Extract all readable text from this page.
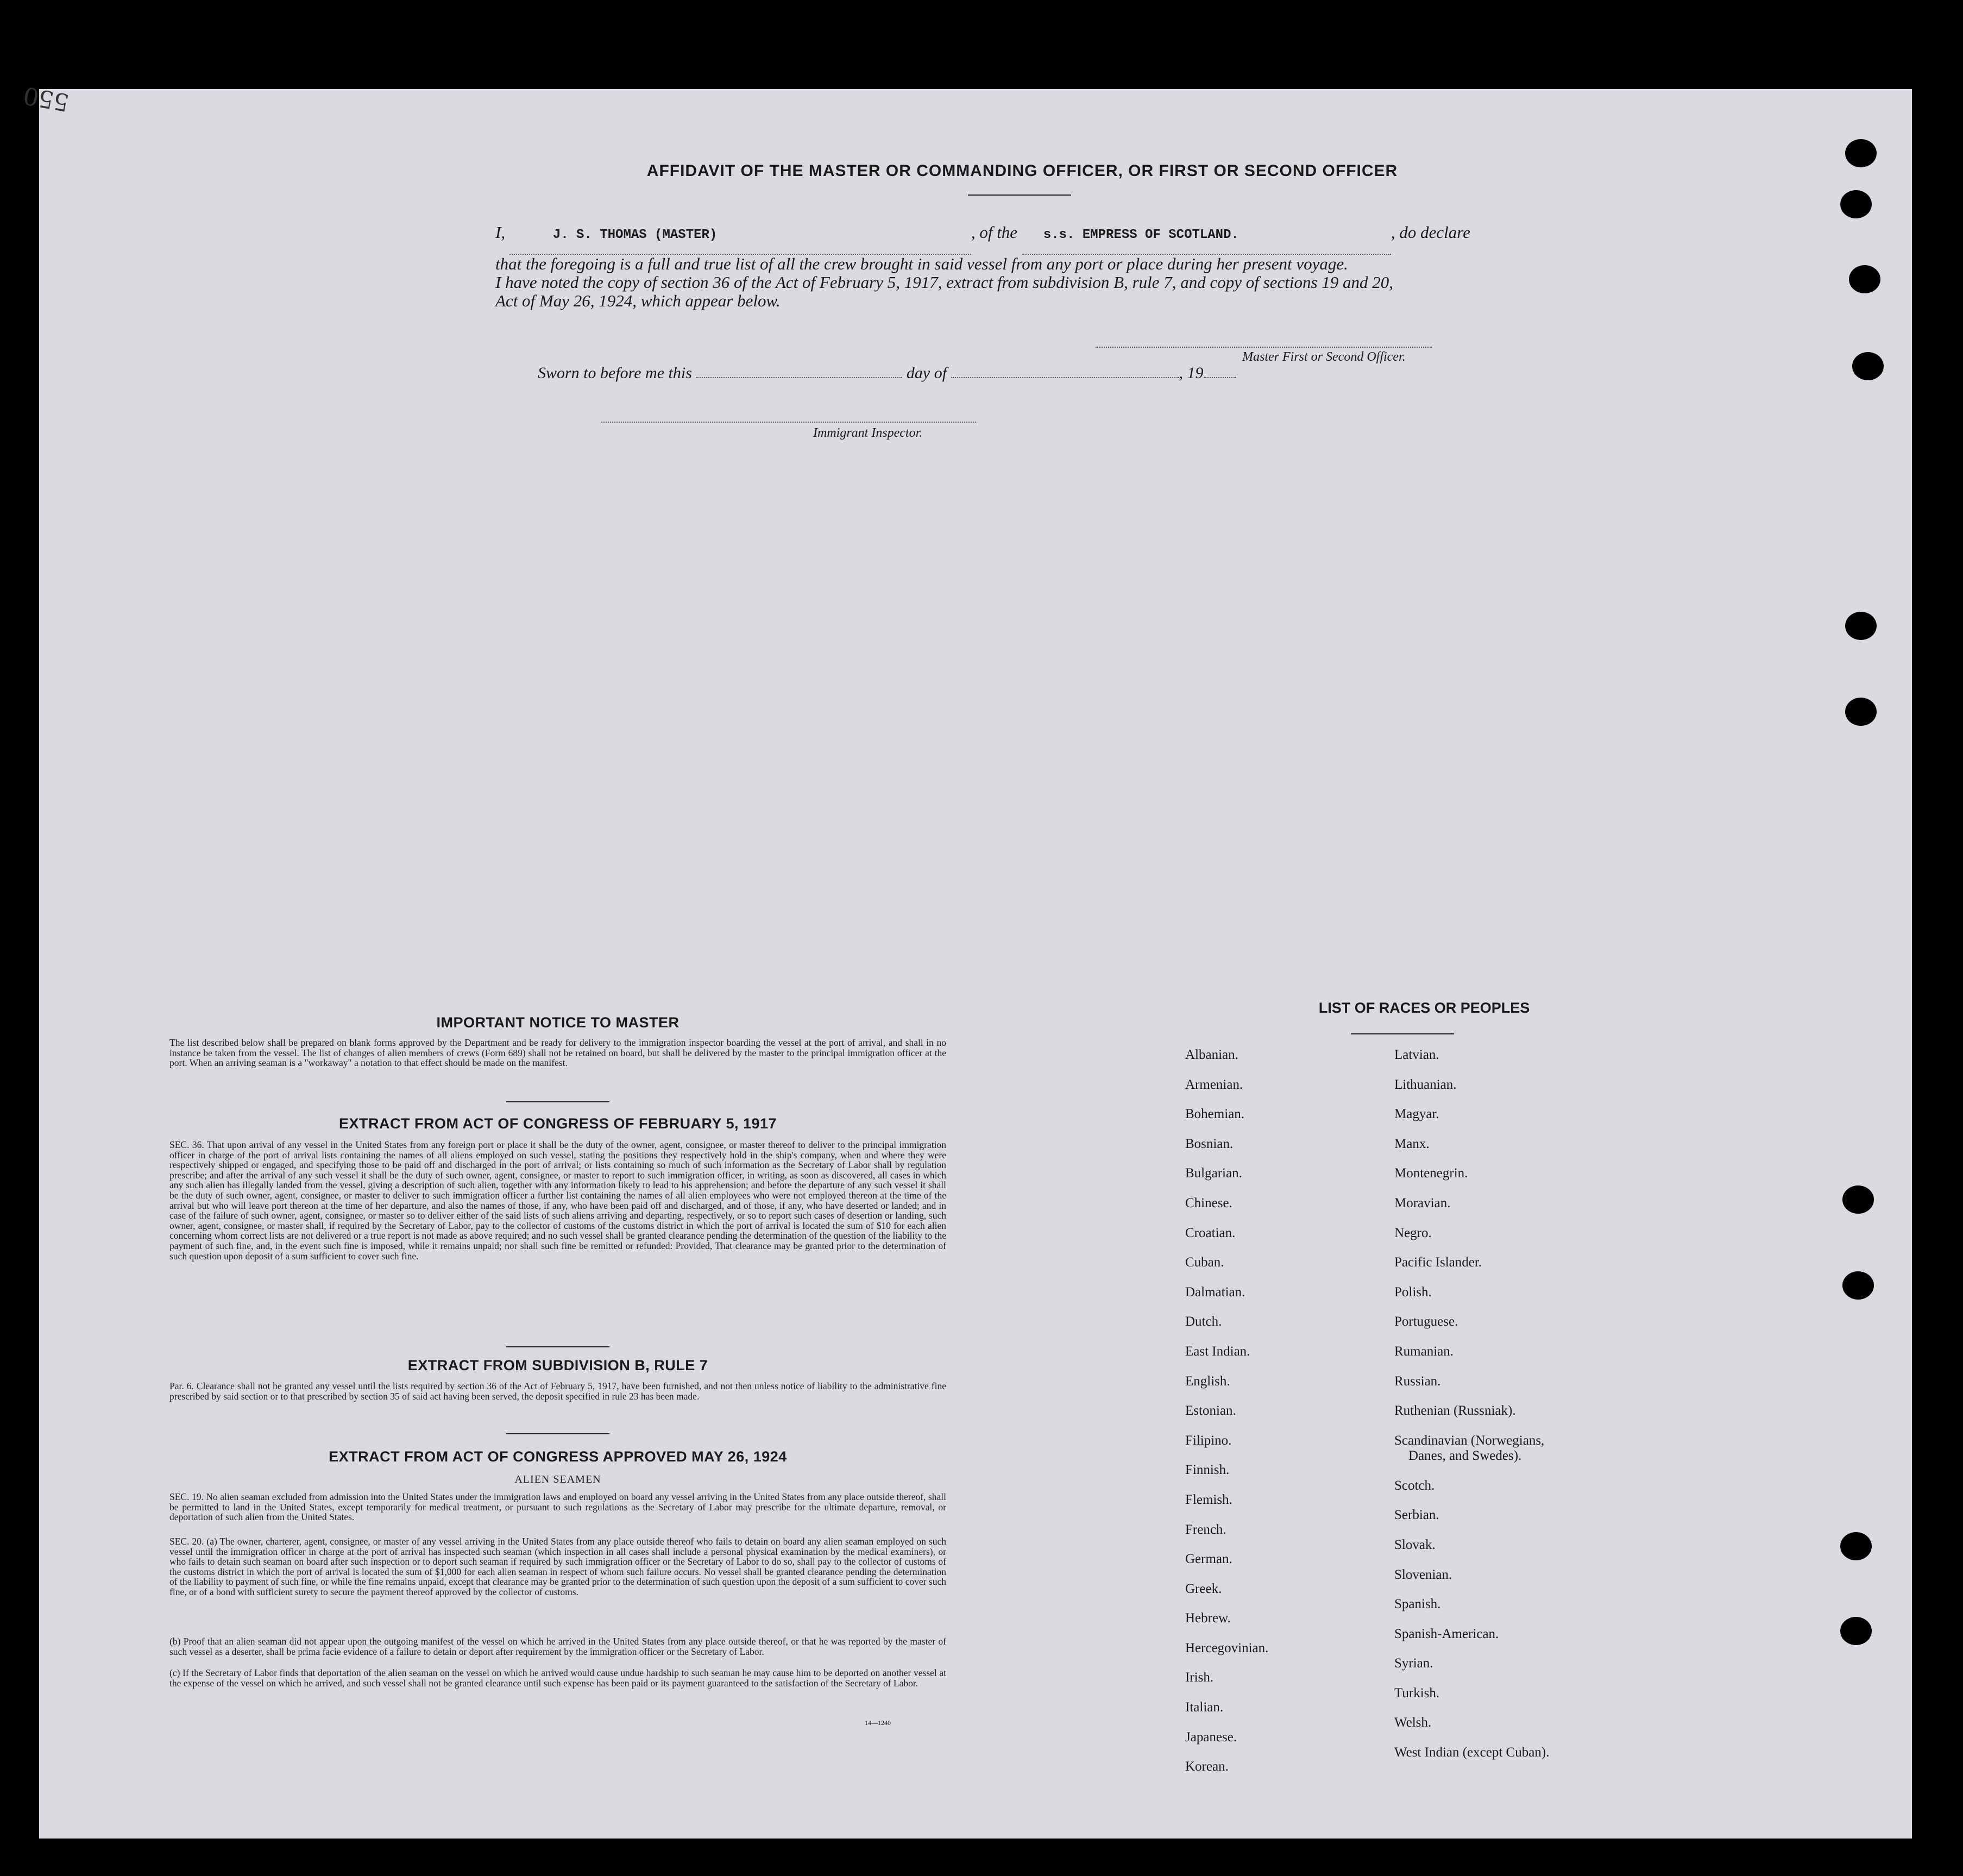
550
AFFIDAVIT OF THE MASTER OR COMMANDING OFFICER, OR FIRST OR SECOND OFFICER
I,	J. S. THOMAS (MASTER)	, of the s.s. EMPRESS OF SCOTLAND.	, do declare
that the foregoing is a full and true list of all the crew brought in said vessel from any port or place during her present voyage.
I have noted the copy of section 36 of the Act of February 5, 1917, extract from subdivision B, rule 7, and copy of sections 19 and 20,
Act of May 26, 1924, which appear below.
Master First or Second Officer.
Sworn to before me this	day of	, 19
Immigrant Inspector.
IMPORTANT NOTICE TO MASTER
The list described below shall be prepared on blank forms approved by the Department and be ready for delivery to the immigration inspector boarding the vessel at the port of arrival, and shall in no instance be taken from the vessel. The list of changes of alien members of crews (Form 689) shall not be retained on board, but shall be delivered by the master to the principal immigration officer at the port. When an arriving seaman is a "workaway" a notation to that effect should be made on the manifest.
EXTRACT FROM ACT OF CONGRESS OF FEBRUARY 5, 1917
SEC. 36. That upon arrival of any vessel in the United States from any foreign port or place it shall be the duty of the owner, agent, consignee, or master thereof to deliver to the principal immigration officer in charge of the port of arrival lists containing the names of all aliens employed on such vessel, stating the positions they respectively hold in the ship's company, when and where they were respectively shipped or engaged, and specifying those to be paid off and discharged in the port of arrival; or lists containing so much of such information as the Secretary of Labor shall by regulation prescribe; and after the arrival of any such vessel it shall be the duty of such owner, agent, consignee, or master to report to such immigration officer, in writing, as soon as discovered, all cases in which any such alien has illegally landed from the vessel, giving a description of such alien, together with any information likely to lead to his apprehension; and before the departure of any such vessel it shall be the duty of such owner, agent, consignee, or master to deliver to such immigration officer a further list containing the names of all alien employees who were not employed thereon at the time of the arrival but who will leave port thereon at the time of her departure, and also the names of those, if any, who have been paid off and discharged, and of those, if any, who have deserted or landed; and in case of the failure of such owner, agent, consignee, or master so to deliver either of the said lists of such aliens arriving and departing, respectively, or so to report such cases of desertion or landing, such owner, agent, consignee, or master shall, if required by the Secretary of Labor, pay to the collector of customs of the customs district in which the port of arrival is located the sum of $10 for each alien concerning whom correct lists are not delivered or a true report is not made as above required; and no such vessel shall be granted clearance pending the determination of the question of the liability to the payment of such fine, and, in the event such fine is imposed, while it remains unpaid; nor shall such fine be remitted or refunded: Provided, That clearance may be granted prior to the determination of such question upon deposit of a sum sufficient to cover such fine.
EXTRACT FROM SUBDIVISION B, RULE 7
Par. 6. Clearance shall not be granted any vessel until the lists required by section 36 of the Act of February 5, 1917, have been furnished, and not then unless notice of liability to the administrative fine prescribed by said section or to that prescribed by section 35 of said act having been served, the deposit specified in rule 23 has been made.
EXTRACT FROM ACT OF CONGRESS APPROVED MAY 26, 1924
ALIEN SEAMEN
SEC. 19. No alien seaman excluded from admission into the United States under the immigration laws and employed on board any vessel arriving in the United States from any place outside thereof, shall be permitted to land in the United States, except temporarily for medical treatment, or pursuant to such regulations as the Secretary of Labor may prescribe for the ultimate departure, removal, or deportation of such alien from the United States.
SEC. 20. (a) The owner, charterer, agent, consignee, or master of any vessel arriving in the United States from any place outside thereof who fails to detain on board any alien seaman employed on such vessel until the immigration officer in charge at the port of arrival has inspected such seaman (which inspection in all cases shall include a personal physical examination by the medical examiners), or who fails to detain such seaman on board after such inspection or to deport such seaman if required by such immigration officer or the Secretary of Labor to do so, shall pay to the collector of customs of the customs district in which the port of arrival is located the sum of $1,000 for each alien seaman in respect of whom such failure occurs. No vessel shall be granted clearance pending the determination of the liability to payment of such fine, or while the fine remains unpaid, except that clearance may be granted prior to the determination of such question upon the deposit of a sum sufficient to cover such fine, or of a bond with sufficient surety to secure the payment thereof approved by the collector of customs.
(b) Proof that an alien seaman did not appear upon the outgoing manifest of the vessel on which he arrived in the United States from any place outside thereof, or that he was reported by the master of such vessel as a deserter, shall be prima facie evidence of a failure to detain or deport after requirement by the immigration officer or the Secretary of Labor.
(c) If the Secretary of Labor finds that deportation of the alien seaman on the vessel on which he arrived would cause undue hardship to such seaman he may cause him to be deported on another vessel at the expense of the vessel on which he arrived, and such vessel shall not be granted clearance until such expense has been paid or its payment guaranteed to the satisfaction of the Secretary of Labor.
14—1240
LIST OF RACES OR PEOPLES
Albanian.
Armenian.
Bohemian.
Bosnian.
Bulgarian.
Chinese.
Croatian.
Cuban.
Dalmatian.
Dutch.
East Indian.
English.
Estonian.
Filipino.
Finnish.
Flemish.
French.
German.
Greek.
Hebrew.
Hercegovinian.
Irish.
Italian.
Japanese.
Korean.
Latvian.
Lithuanian.
Magyar.
Manx.
Montenegrin.
Moravian.
Negro.
Pacific Islander.
Polish.
Portuguese.
Rumanian.
Russian.
Ruthenian (Russniak).
Scandinavian (Norwegians,
Danes, and Swedes).
Scotch.
Serbian.
Slovak.
Slovenian.
Spanish.
Spanish-American.
Syrian.
Turkish.
Welsh.
West Indian (except Cuban).
